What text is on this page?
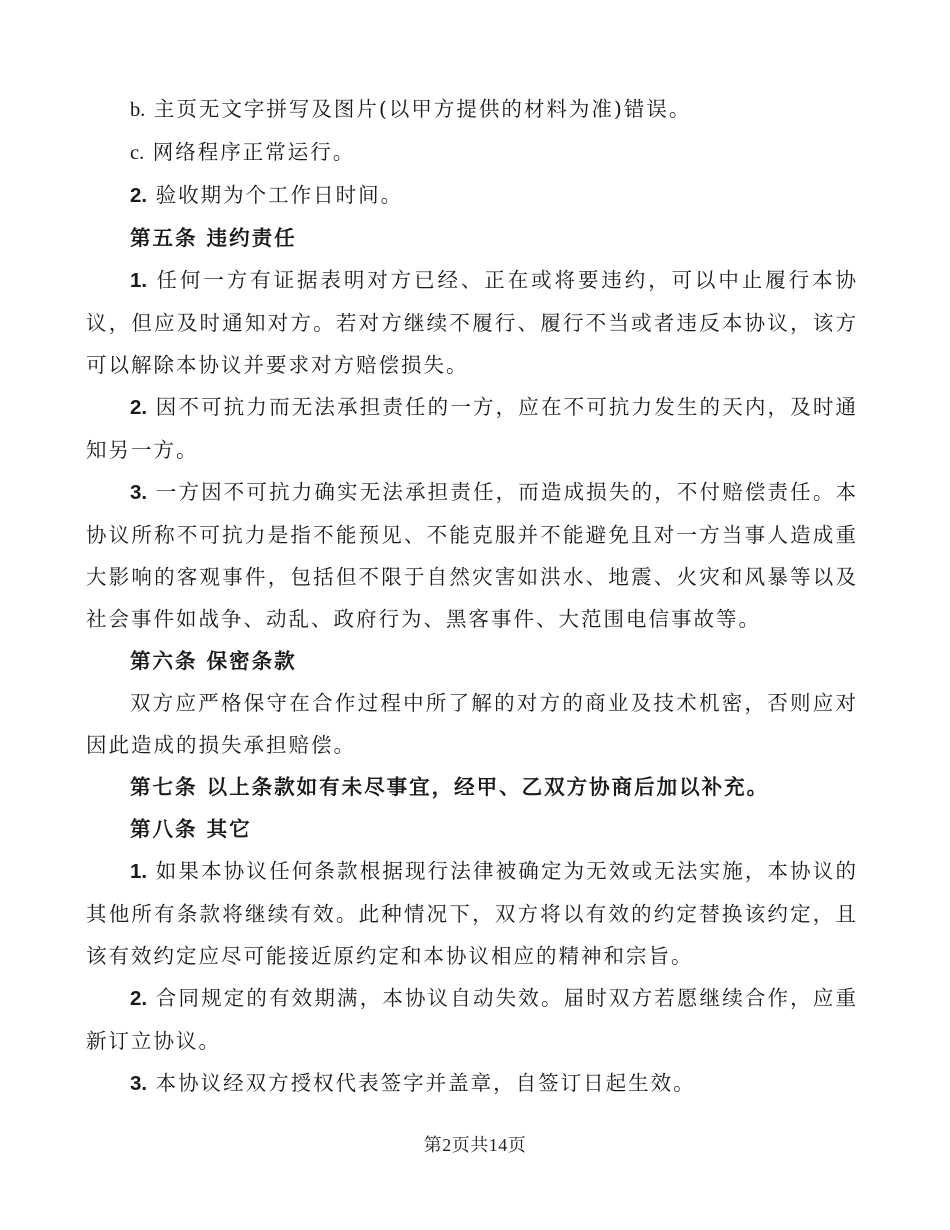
b. 主页无文字拼写及图片(以甲方提供的材料为准)错误。

c. 网络程序正常运行。

2. 验收期为个工作日时间。

第五条 违约责任

1. 任何一方有证据表明对方已经、正在或将要违约，可以中止履行本协议，但应及时通知对方。若对方继续不履行、履行不当或者违反本协议，该方可以解除本协议并要求对方赔偿损失。

2. 因不可抗力而无法承担责任的一方，应在不可抗力发生的天内，及时通知另一方。

3. 一方因不可抗力确实无法承担责任，而造成损失的，不付赔偿责任。本协议所称不可抗力是指不能预见、不能克服并不能避免且对一方当事人造成重大影响的客观事件，包括但不限于自然灾害如洪水、地震、火灾和风暴等以及社会事件如战争、动乱、政府行为、黑客事件、大范围电信事故等。

第六条 保密条款

双方应严格保守在合作过程中所了解的对方的商业及技术机密，否则应对因此造成的损失承担赔偿。

第七条 以上条款如有未尽事宜，经甲、乙双方协商后加以补充。

第八条 其它

1. 如果本协议任何条款根据现行法律被确定为无效或无法实施，本协议的其他所有条款将继续有效。此种情况下，双方将以有效的约定替换该约定，且该有效约定应尽可能接近原约定和本协议相应的精神和宗旨。

2. 合同规定的有效期满，本协议自动失效。届时双方若愿继续合作，应重新订立协议。

3. 本协议经双方授权代表签字并盖章，自签订日起生效。

第2页共14页
